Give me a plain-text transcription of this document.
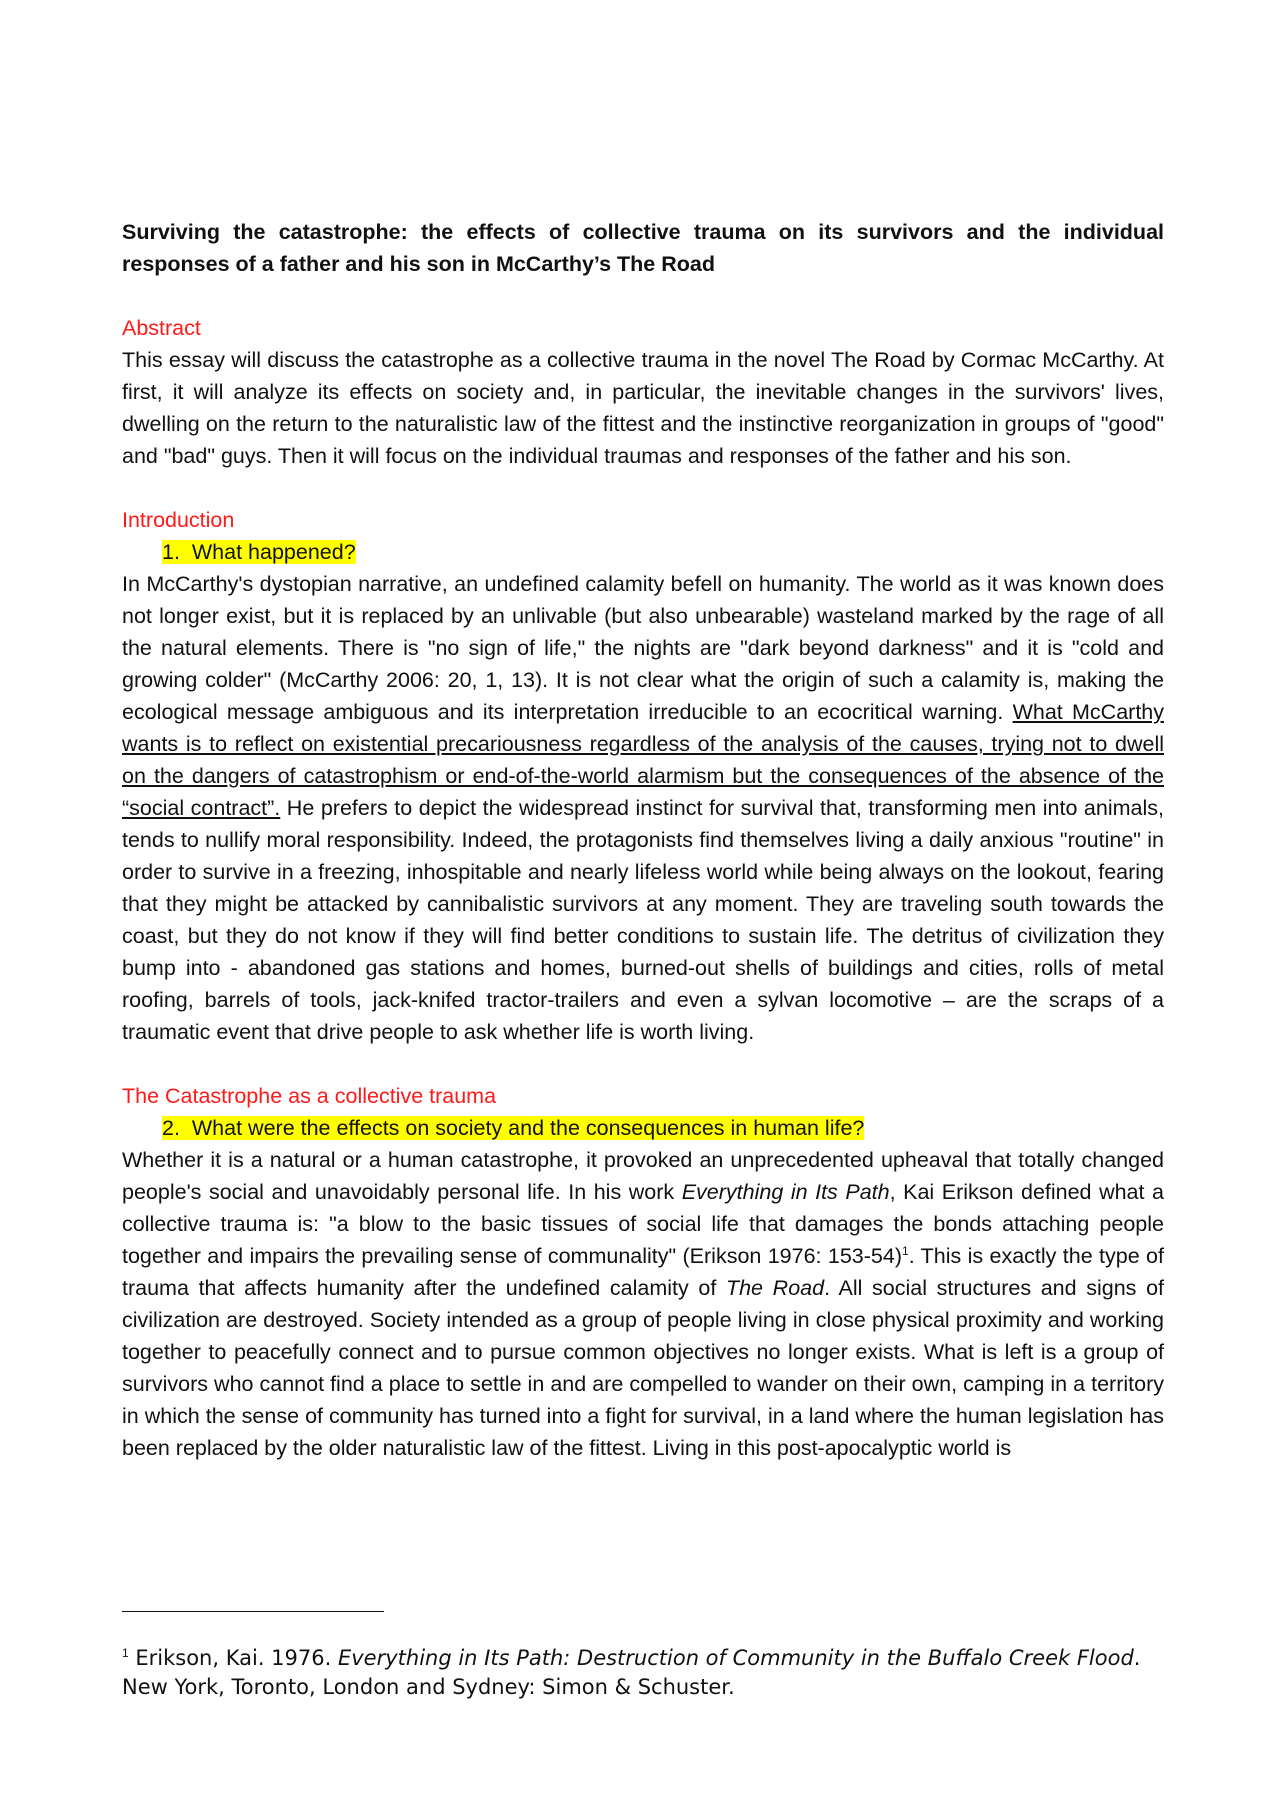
Surviving the catastrophe: the effects of collective trauma on its survivors and the individual responses of a father and his son in McCarthy’s The Road

Abstract

This essay will discuss the catastrophe as a collective trauma in the novel The Road by Cormac McCarthy. At first, it will analyze its effects on society and, in particular, the inevitable changes in the survivors' lives, dwelling on the return to the naturalistic law of the fittest and the instinctive reorganization in groups of "good" and "bad" guys. Then it will focus on the individual traumas and responses of the father and his son.

Introduction

1. What happened?

In McCarthy's dystopian narrative, an undefined calamity befell on humanity. The world as it was known does not longer exist, but it is replaced by an unlivable (but also unbearable) wasteland marked by the rage of all the natural elements. There is "no sign of life," the nights are "dark beyond darkness" and it is "cold and growing colder" (McCarthy 2006: 20, 1, 13). It is not clear what the origin of such a calamity is, making the ecological message ambiguous and its interpretation irreducible to an ecocritical warning. What McCarthy wants is to reflect on existential precariousness regardless of the analysis of the causes, trying not to dwell on the dangers of catastrophism or end-of-the-world alarmism but the consequences of the absence of the “social contract”. He prefers to depict the widespread instinct for survival that, transforming men into animals, tends to nullify moral responsibility. Indeed, the protagonists find themselves living a daily anxious "routine" in order to survive in a freezing, inhospitable and nearly lifeless world while being always on the lookout, fearing that they might be attacked by cannibalistic survivors at any moment. They are traveling south towards the coast, but they do not know if they will find better conditions to sustain life. The detritus of civilization they bump into - abandoned gas stations and homes, burned-out shells of buildings and cities, rolls of metal roofing, barrels of tools, jack-knifed tractor-trailers and even a sylvan locomotive – are the scraps of a traumatic event that drive people to ask whether life is worth living.

The Catastrophe as a collective trauma

2. What were the effects on society and the consequences in human life?

Whether it is a natural or a human catastrophe, it provoked an unprecedented upheaval that totally changed people's social and unavoidably personal life. In his work Everything in Its Path, Kai Erikson defined what a collective trauma is: "a blow to the basic tissues of social life that damages the bonds attaching people together and impairs the prevailing sense of communality" (Erikson 1976: 153-54)$^1$. This is exactly the type of trauma that affects humanity after the undefined calamity of The Road. All social structures and signs of civilization are destroyed. Society intended as a group of people living in close physical proximity and working together to peacefully connect and to pursue common objectives no longer exists. What is left is a group of survivors who cannot find a place to settle in and are compelled to wander on their own, camping in a territory in which the sense of community has turned into a fight for survival, in a land where the human legislation has been replaced by the older naturalistic law of the fittest. Living in this post-apocalyptic world is

$^1$ Erikson, Kai. 1976. Everything in Its Path: Destruction of Community in the Buffalo Creek Flood. New York, Toronto, London and Sydney: Simon & Schuster.
